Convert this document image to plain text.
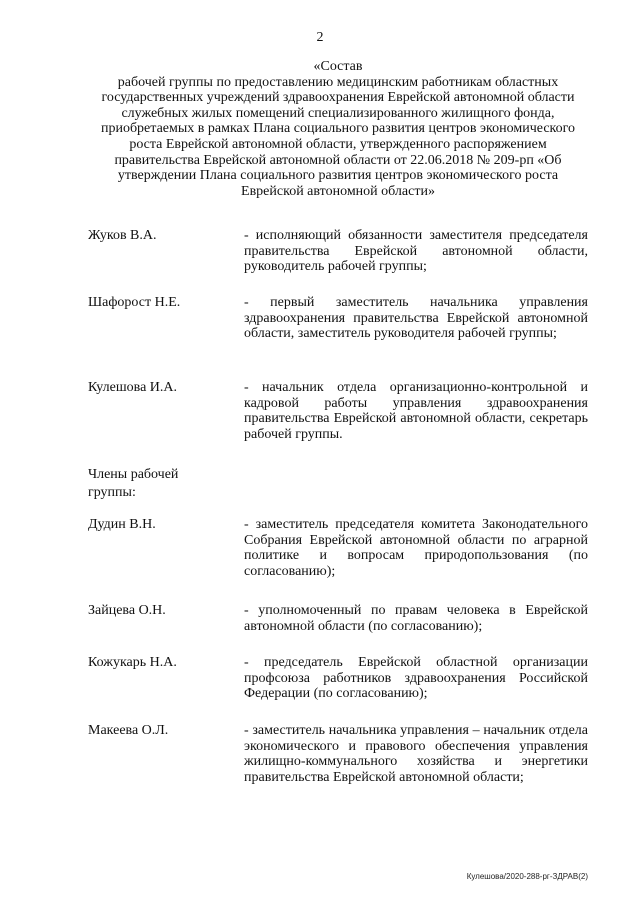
2
«Состав
рабочей группы по предоставлению медицинским работникам областных государственных учреждений здравоохранения Еврейской автономной области служебных жилых помещений специализированного жилищного фонда, приобретаемых в рамках Плана социального развития центров экономического роста Еврейской автономной области, утвержденного распоряжением правительства Еврейской автономной области от 22.06.2018 № 209-рп «Об утверждении Плана социального развития центров экономического роста Еврейской автономной области»
Жуков В.А.	- исполняющий обязанности заместителя председателя правительства Еврейской автономной области, руководитель рабочей группы;
Шафорост Н.Е.	- первый заместитель начальника управления здравоохранения правительства Еврейской автономной области, заместитель руководителя рабочей группы;
Кулешова И.А.	- начальник отдела организационно-контрольной и кадровой работы управления здравоохранения правительства Еврейской автономной области, секретарь рабочей группы.
Члены рабочей группы:
Дудин В.Н.	- заместитель председателя комитета Законодательного Собрания Еврейской автономной области по аграрной политике и вопросам природопользования (по согласованию);
Зайцева О.Н.	- уполномоченный по правам человека в Еврейской автономной области (по согласованию);
Кожукарь Н.А.	- председатель Еврейской областной организации профсоюза работников здравоохранения Российской Федерации (по согласованию);
Макеева О.Л.	- заместитель начальника управления – начальник отдела экономического и правового обеспечения управления жилищно-коммунального хозяйства и энергетики правительства Еврейской автономной области;
Кулешова/2020-288-рг-ЗДРАВ(2)
